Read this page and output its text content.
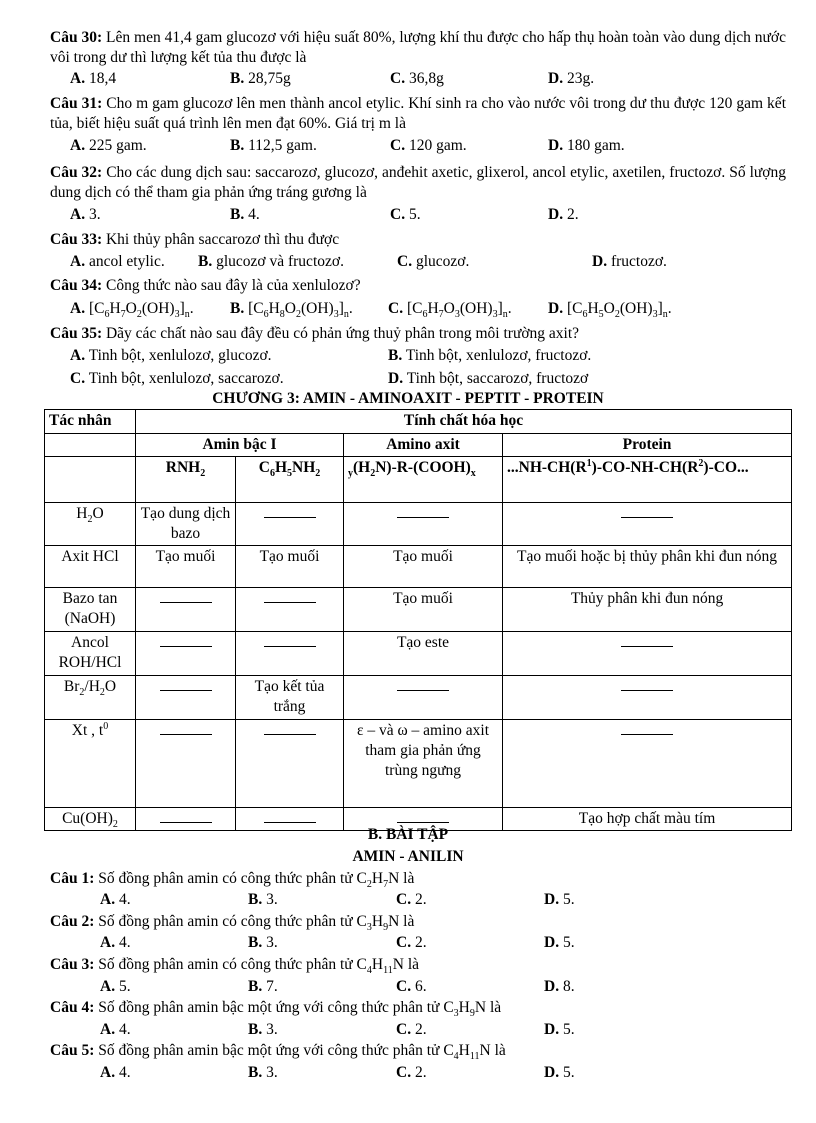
Câu 30: Lên men 41,4 gam glucozơ với hiệu suất 80%, lượng khí thu được cho hấp thụ hoàn toàn vào dung dịch nước vôi trong dư thì lượng kết tủa thu được là
A. 18,4	B. 28,75g	C. 36,8g	D. 23g.
Câu 31: Cho m gam glucozơ lên men thành ancol etylic. Khí sinh ra cho vào nước vôi trong dư thu được 120 gam kết tủa, biết hiệu suất quá trình lên men đạt 60%. Giá trị m là
A. 225 gam.	B. 112,5 gam.	C. 120 gam.	D. 180 gam.
Câu 32: Cho các dung dịch sau: saccarozơ, glucozơ, anđehit axetic, glixerol, ancol etylic, axetilen, fructozơ. Số lượng dung dịch có thể tham gia phản ứng tráng gương là
A. 3.	B. 4.	C. 5.	D. 2.
Câu 33: Khi thủy phân saccarozơ thì thu được
A. ancol etylic. B. glucozơ và fructozơ.	C. glucozơ.	D. fructozơ.
Câu 34: Công thức nào sau đây là của xenlulozơ?
A. $[C_6H_7O_2(OH)_3]_n$. B. $[C_6H_8O_2(OH)_3]_n$. C. $[C_6H_7O_3(OH)_3]_n$. D. $[C_6H_5O_2(OH)_3]_n$.
Câu 35: Dãy các chất nào sau đây đều có phản ứng thuỷ phân trong môi trường axit?
A. Tinh bột, xenlulozơ, glucozơ.	B. Tinh bột, xenlulozơ, fructozơ.
C. Tinh bột, xenlulozơ, saccarozơ.	D. Tinh bột, saccarozơ, fructozơ
CHƯƠNG 3: AMIN - AMINOAXIT - PEPTIT - PROTEIN
Tác nhân	Tính chất hóa học			
	Amin bậc I		Amino axit	Protein
	$RNH_2$	$C_6H_5NH_2$	$_y(H_2N)-R-(COOH)_x$	$...NH-CH(R^1)-CO-NH-CH(R^2)-CO$...
$H_2O$	Tạo dung dịch bazo			
Axit HCl	Tạo muối	Tạo muối	Tạo muối	Tạo muối hoặc bị thủy phân khi đun nóng
Bazo tan (NaOH)			Tạo muối	Thủy phân khi đun nóng
Ancol ROH/HCl			Tạo este	
$Br_2/H_2O$		Tạo kết tủa trắng		
Xt , $t^0$			ε – và ω – amino axit tham gia phản ứng trùng ngưng	
$Cu(OH)_2$				Tạo hợp chất màu tím
B. BÀI TẬP
AMIN - ANILIN
Câu 1: Số đồng phân amin có công thức phân tử $C_2H_7N$ là
A. 4.	B. 3.	C. 2.	D. 5.
Câu 2: Số đồng phân amin có công thức phân tử $C_3H_9N$ là
A. 4.	B. 3.	C. 2.	D. 5.
Câu 3: Số đồng phân amin có công thức phân tử $C_4H_{11}N$ là
A. 5.	B. 7.	C. 6.	D. 8.
Câu 4: Số đồng phân amin bậc một ứng với công thức phân tử $C_3H_9N$ là
A. 4.	B. 3.	C. 2.	D. 5.
Câu 5: Số đồng phân amin bậc một ứng với công thức phân tử $C_4H_{11}N$ là
A. 4.	B. 3.	C. 2.	D. 5.
